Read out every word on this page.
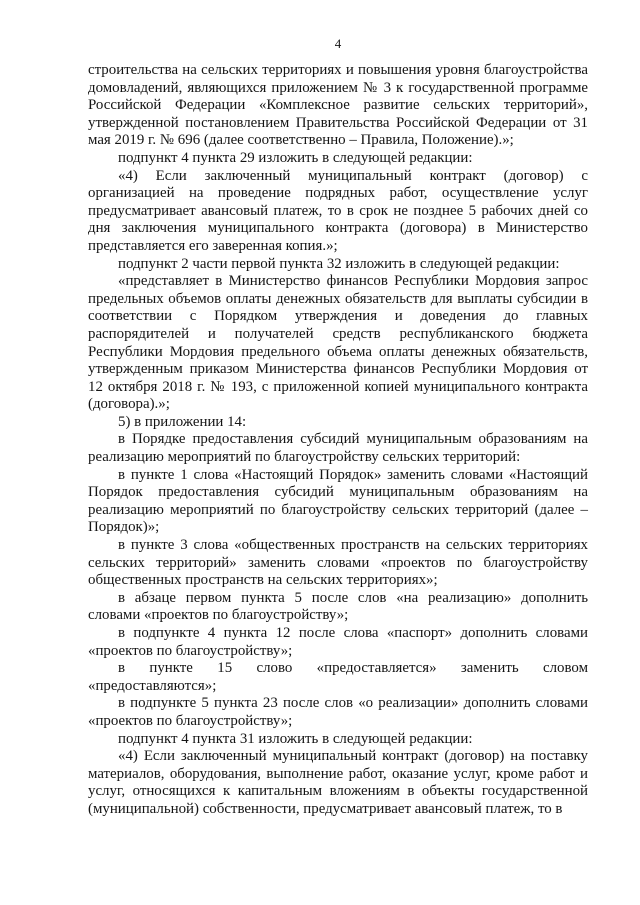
4

строительства на сельских территориях и повышения уровня благоустройства домовладений, являющихся приложением № 3 к государственной программе Российской Федерации «Комплексное развитие сельских территорий», утвержденной постановлением Правительства Российской Федерации от 31 мая 2019 г. № 696 (далее соответственно – Правила, Положение).»;

подпункт 4 пункта 29 изложить в следующей редакции:

«4) Если заключенный муниципальный контракт (договор) с организацией на проведение подрядных работ, осуществление услуг предусматривает авансовый платеж, то в срок не позднее 5 рабочих дней со дня заключения муниципального контракта (договора) в Министерство представляется его заверенная копия.»;

подпункт 2 части первой пункта 32 изложить в следующей редакции:

«представляет в Министерство финансов Республики Мордовия запрос предельных объемов оплаты денежных обязательств для выплаты субсидии в соответствии с Порядком утверждения и доведения до главных распорядителей и получателей средств республиканского бюджета Республики Мордовия предельного объема оплаты денежных обязательств, утвержденным приказом Министерства финансов Республики Мордовия от 12 октября 2018 г. № 193, с приложенной копией муниципального контракта (договора).»;

5) в приложении 14:

в Порядке предоставления субсидий муниципальным образованиям на реализацию мероприятий по благоустройству сельских территорий:

в пункте 1 слова «Настоящий Порядок» заменить словами «Настоящий Порядок предоставления субсидий муниципальным образованиям на реализацию мероприятий по благоустройству сельских территорий (далее – Порядок)»;

в пункте 3 слова «общественных пространств на сельских территориях сельских территорий» заменить словами «проектов по благоустройству общественных пространств на сельских территориях»;

в абзаце первом пункта 5 после слов «на реализацию» дополнить словами «проектов по благоустройству»;

в подпункте 4 пункта 12 после слова «паспорт» дополнить словами «проектов по благоустройству»;

в пункте 15 слово «предоставляется» заменить словом «предоставляются»;

в подпункте 5 пункта 23 после слов «о реализации» дополнить словами «проектов по благоустройству»;

подпункт 4 пункта 31 изложить в следующей редакции:

«4) Если заключенный муниципальный контракт (договор) на поставку материалов, оборудования, выполнение работ, оказание услуг, кроме работ и услуг, относящихся к капитальным вложениям в объекты государственной (муниципальной) собственности, предусматривает авансовый платеж, то в
